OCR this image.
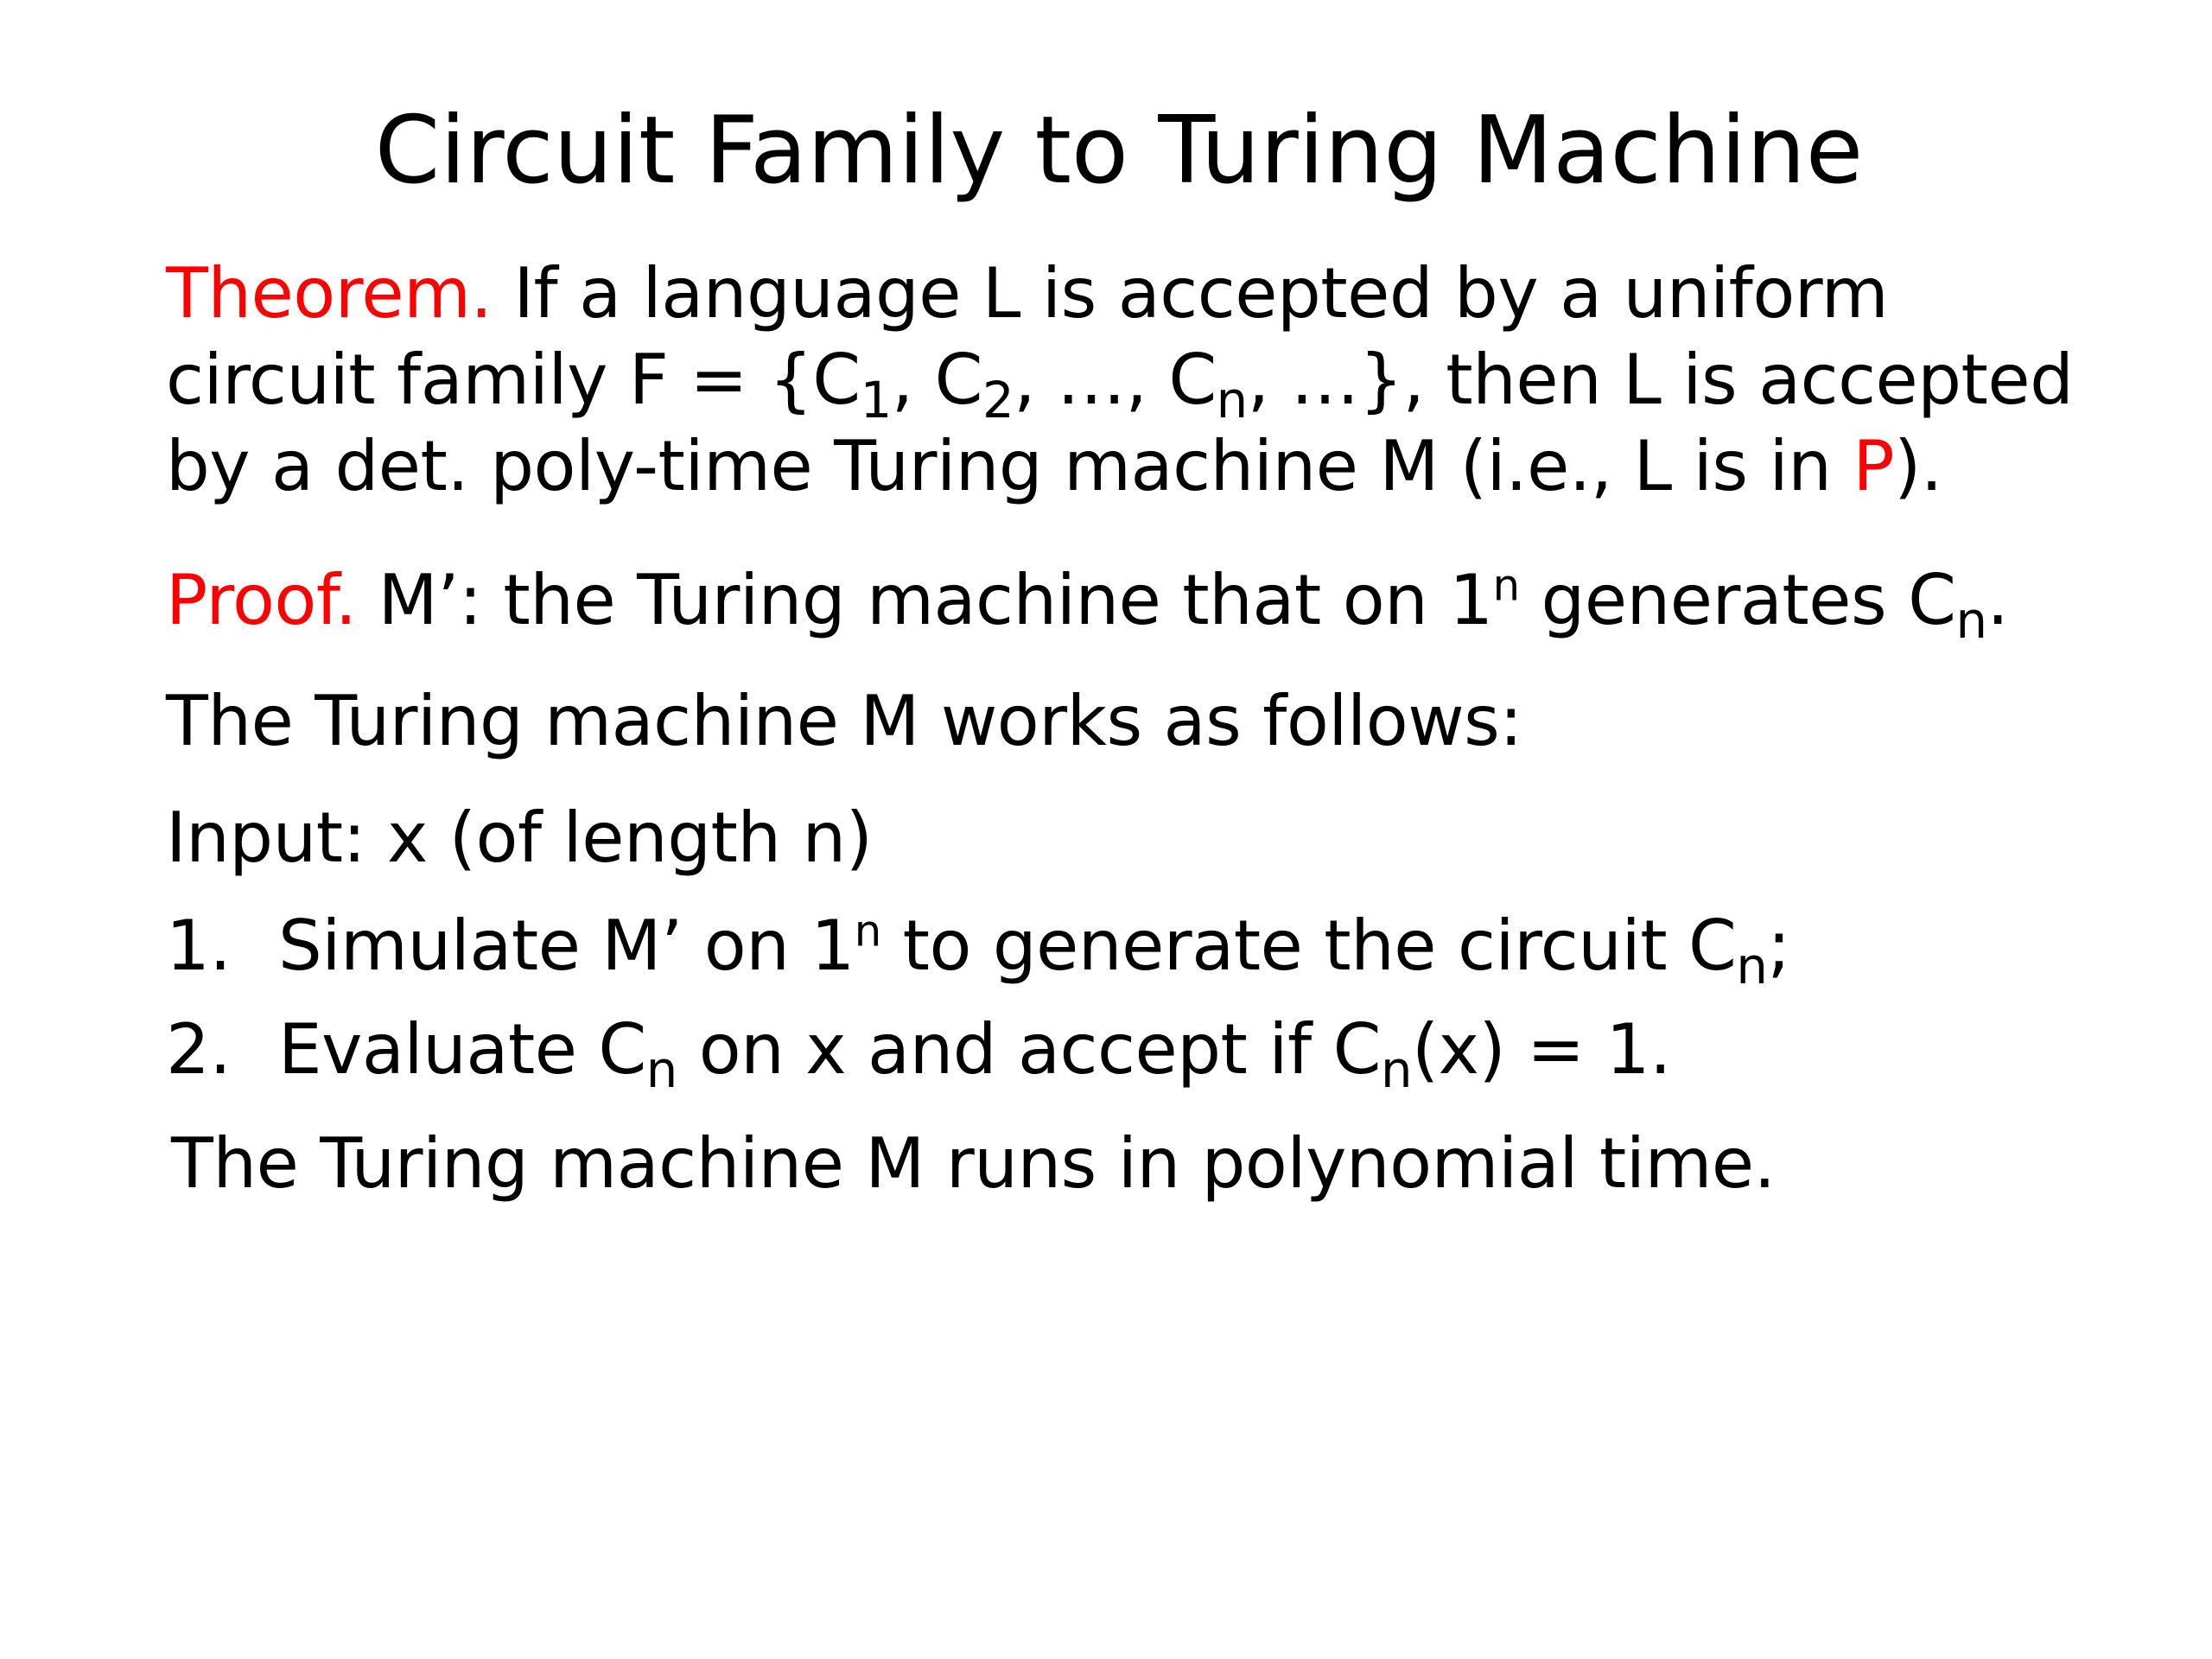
Circuit Family to Turing Machine
Theorem. If a language L is accepted by a uniform
circuit family $F = \{C_1$, $C_2$, …, $C_n$, …}, then L is accepted
by a det. poly-time Turing machine M (i.e., L is in P).
Proof. M’: the Turing machine that on 1$^n$ generates $C_n$.
The Turing machine M works as follows:
Input: x (of length n)
1. Simulate M’ on 1$^n$ to generate the circuit $C_n$;
2. Evaluate $C_n$ on x and accept if $C_n(x) = 1$.
The Turing machine M runs in polynomial time.
